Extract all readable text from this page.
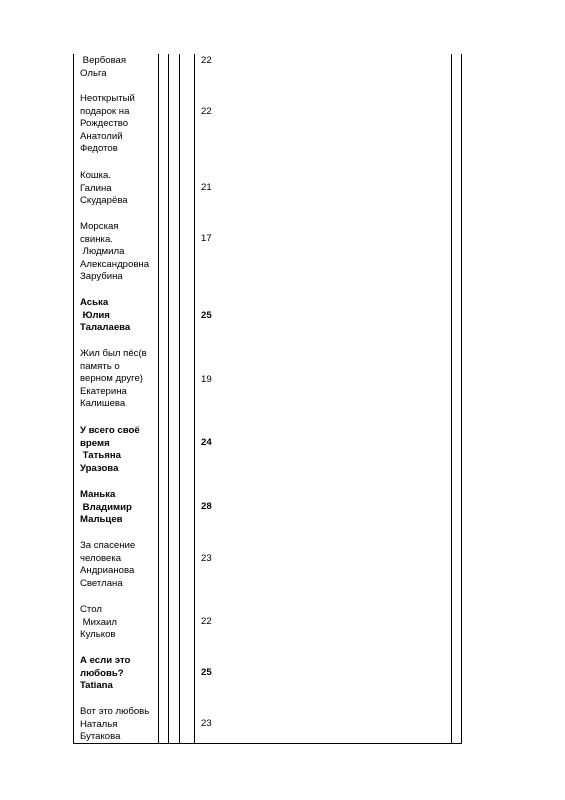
Вербовая
Ольга
22
Неоткрытый
подарок на
Рождество
Анатолий
Федотов
22
Кошка.
Галина
Скударёва
21
Морская
свинка.
Людмила
Александровна
Зарубина
17
Аська
Юлия
Талалаева
25
Жил был пёс(в
память о
верном друге)
Екатерина
Калишева
19
У всего своё
время
Татьяна
Уразова
24
Манька
Владимир
Мальцев
28
За спасение
человека
Андрианова
Светлана
23
Стол
Михаил
Кульков
22
А если это
любовь?
Tatiana
25
Вот это любовь
Наталья
Бутакова
23
